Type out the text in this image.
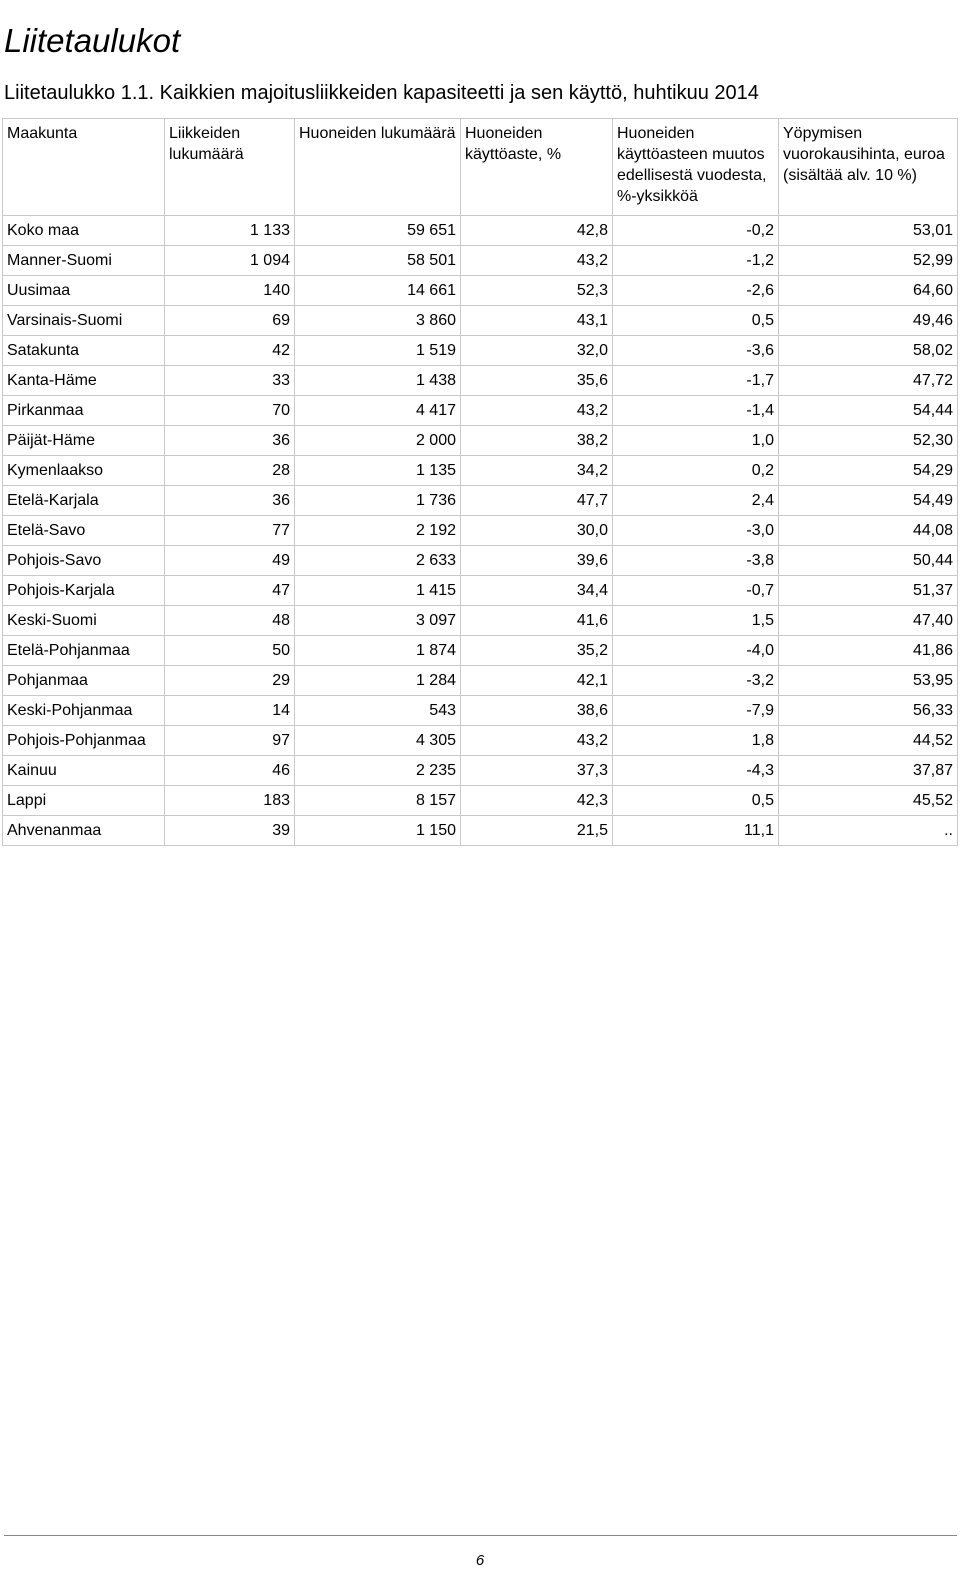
Liitetaulukot
Liitetaulukko 1.1. Kaikkien majoitusliikkeiden kapasiteetti ja sen käyttö, huhtikuu 2014
Maakunta	Liikkeiden lukumäärä	Huoneiden lukumäärä	Huoneiden käyttöaste, %	Huoneiden käyttöasteen muutos edellisestä vuodesta, %-yksikköä	Yöpymisen vuorokausihinta, euroa (sisältää alv. 10 %)
Koko maa	1 133	59 651	42,8	-0,2	53,01
Manner-Suomi	1 094	58 501	43,2	-1,2	52,99
Uusimaa	140	14 661	52,3	-2,6	64,60
Varsinais-Suomi	69	3 860	43,1	0,5	49,46
Satakunta	42	1 519	32,0	-3,6	58,02
Kanta-Häme	33	1 438	35,6	-1,7	47,72
Pirkanmaa	70	4 417	43,2	-1,4	54,44
Päijät-Häme	36	2 000	38,2	1,0	52,30
Kymenlaakso	28	1 135	34,2	0,2	54,29
Etelä-Karjala	36	1 736	47,7	2,4	54,49
Etelä-Savo	77	2 192	30,0	-3,0	44,08
Pohjois-Savo	49	2 633	39,6	-3,8	50,44
Pohjois-Karjala	47	1 415	34,4	-0,7	51,37
Keski-Suomi	48	3 097	41,6	1,5	47,40
Etelä-Pohjanmaa	50	1 874	35,2	-4,0	41,86
Pohjanmaa	29	1 284	42,1	-3,2	53,95
Keski-Pohjanmaa	14	543	38,6	-7,9	56,33
Pohjois-Pohjanmaa	97	4 305	43,2	1,8	44,52
Kainuu	46	2 235	37,3	-4,3	37,87
Lappi	183	8 157	42,3	0,5	45,52
Ahvenanmaa	39	1 150	21,5	11,1	..
6
